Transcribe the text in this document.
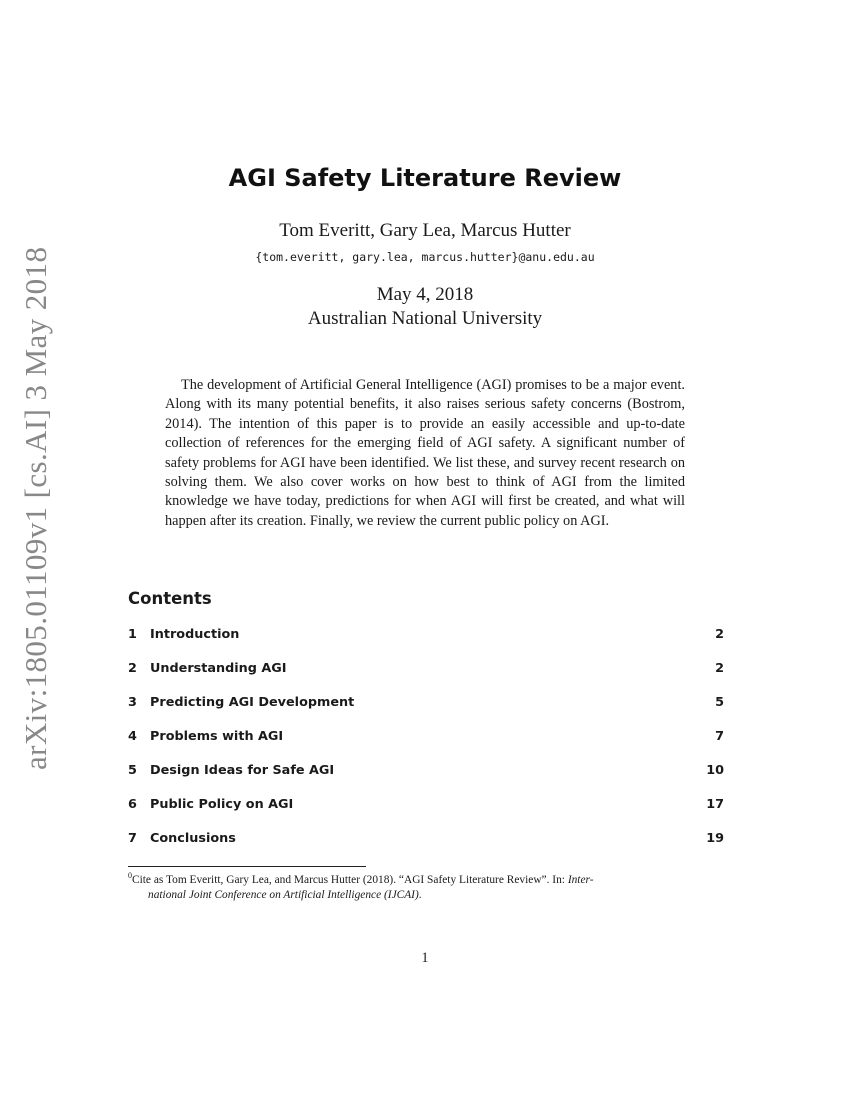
arXiv:1805.01109v1 [cs.AI] 3 May 2018
AGI Safety Literature Review
Tom Everitt, Gary Lea, Marcus Hutter
{tom.everitt, gary.lea, marcus.hutter}@anu.edu.au
May 4, 2018
Australian National University

The development of Artificial General Intelligence (AGI) promises to be a major event. Along with its many potential benefits, it also raises serious safety concerns (Bostrom, 2014). The intention of this paper is to provide an easily accessible and up-to-date collection of references for the emerging field of AGI safety. A significant number of safety problems for AGI have been identified. We list these, and survey recent research on solving them. We also cover works on how best to think of AGI from the limited knowledge we have today, predictions for when AGI will first be created, and what will happen after its creation. Finally, we review the current public policy on AGI.

Contents
1 Introduction	2
2 Understanding AGI	2
3 Predicting AGI Development	5
4 Problems with AGI	7
5 Design Ideas for Safe AGI	10
6 Public Policy on AGI	17
7 Conclusions	19

$^0$Cite as Tom Everitt, Gary Lea, and Marcus Hutter (2018). “AGI Safety Literature Review”. In: Inter-
national Joint Conference on Artificial Intelligence (IJCAI).

1
